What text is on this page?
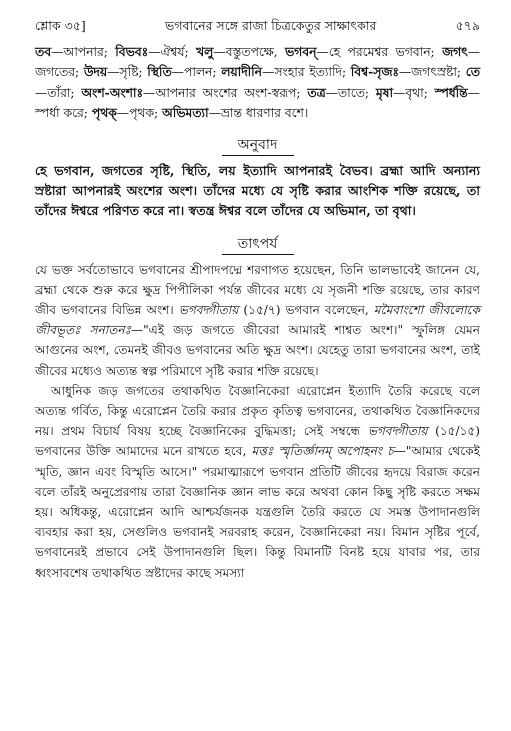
শ্লোক ৩৫]	ভগবানের সঙ্গে রাজা চিত্রকেতুর সাক্ষাৎকার	৫৭৯
তব—আপনার; বিভবঃ—ঐশ্বর্য; খলু—বস্তুতপক্ষে, ভগবন্—হে পরমেশ্বর ভগবান; জগৎ—জগতের; উদয়—সৃষ্টি; স্থিতি—পালন; লয়াদীনি—সংহার ইত্যাদি; বিশ্ব-সৃজঃ—জগৎস্রষ্টা; তে—তাঁরা; অংশ-অংশাঃ—আপনার অংশের অংশ-স্বরূপ; তত্র—তাতে; মৃষা—বৃথা; স্পর্ধন্তি—স্পর্ধা করে; পৃথক্—পৃথক; অভিমত্যা—ভ্রান্ত ধারণার বশে।
অনুবাদ
হে ভগবান, জগতের সৃষ্টি, স্থিতি, লয় ইত্যাদি আপনারই বৈভব। ব্রহ্মা আদি অন্যান্য স্রষ্টারা আপনারই অংশের অংশ। তাঁদের মধ্যে যে সৃষ্টি করার আংশিক শক্তি রয়েছে, তা তাঁদের ঈশ্বরে পরিণত করে না। স্বতন্ত্র ঈশ্বর বলে তাঁদের যে অভিমান, তা বৃথা।
তাৎপর্য

যে ভক্ত সর্বতোভাবে ভগবানের শ্রীপাদপদ্মে শরণাগত হয়েছেন, তিনি ভালভাবেই জানেন যে, ব্রহ্মা থেকে শুরু করে ক্ষুদ্র পিপীলিকা পর্যন্ত জীবের মধ্যে যে সৃজনী শক্তি রয়েছে, তার কারণ জীব ভগবানের বিভিন্ন অংশ। ভগবদ্গীতায় (১৫/৭) ভগবান বলেছেন, মমৈবাংশো জীবলোকে জীবভূতঃ সনাতনঃ—"এই জড় জগতে জীবেরা আমারই শাশ্বত অংশ।" স্ফুলিঙ্গ যেমন আগুনের অংশ, তেমনই জীবও ভগবানের অতি ক্ষুদ্র অংশ। যেহেতু তারা ভগবানের অংশ, তাই জীবের মধ্যেও অত্যন্ত স্বল্প পরিমাণে সৃষ্টি করার শক্তি রয়েছে।

আধুনিক জড় জগতের তথাকথিত বৈজ্ঞানিকেরা এরোপ্লেন ইত্যাদি তৈরি করেছে বলে অত্যন্ত গর্বিত, কিন্তু এরোপ্লেন তৈরি করার প্রকৃত কৃতিত্ব ভগবানের, তথাকথিত বৈজ্ঞানিকদের নয়। প্রথম বিচার্য বিষয় হচ্ছে বৈজ্ঞানিকের বুদ্ধিমত্তা; সেই সম্বন্ধে ভগবদ্গীতায় (১৫/১৫) ভগবানের উক্তি আমাদের মনে রাখতে হবে, মত্তঃ স্মৃতির্জ্ঞানম্ অপোহনং চ—"আমার থেকেই স্মৃতি, জ্ঞান এবং বিস্মৃতি আসে।" পরমাত্মারূপে ভগবান প্রতিটি জীবের হৃদয়ে বিরাজ করেন বলে তাঁরই অনুপ্রেরণায় তারা বৈজ্ঞানিক জ্ঞান লাভ করে অথবা কোন কিছু সৃষ্টি করতে সক্ষম হয়। অধিকন্তু, এরোপ্লেন আদি আশ্চর্যজনক যন্ত্রগুলি তৈরি করতে যে সমস্ত উপাদানগুলি ব্যবহার করা হয়, সেগুলিও ভগবানই সরবরাহ করেন, বৈজ্ঞানিকেরা নয়। বিমান সৃষ্টির পূর্বে, ভগবানেরই প্রভাবে সেই উপাদানগুলি ছিল। কিন্তু বিমানটি বিনষ্ট হয়ে যাবার পর, তার ধ্বংসাবশেষ তথাকথিত স্রষ্টাদের কাছে সমস্যা
